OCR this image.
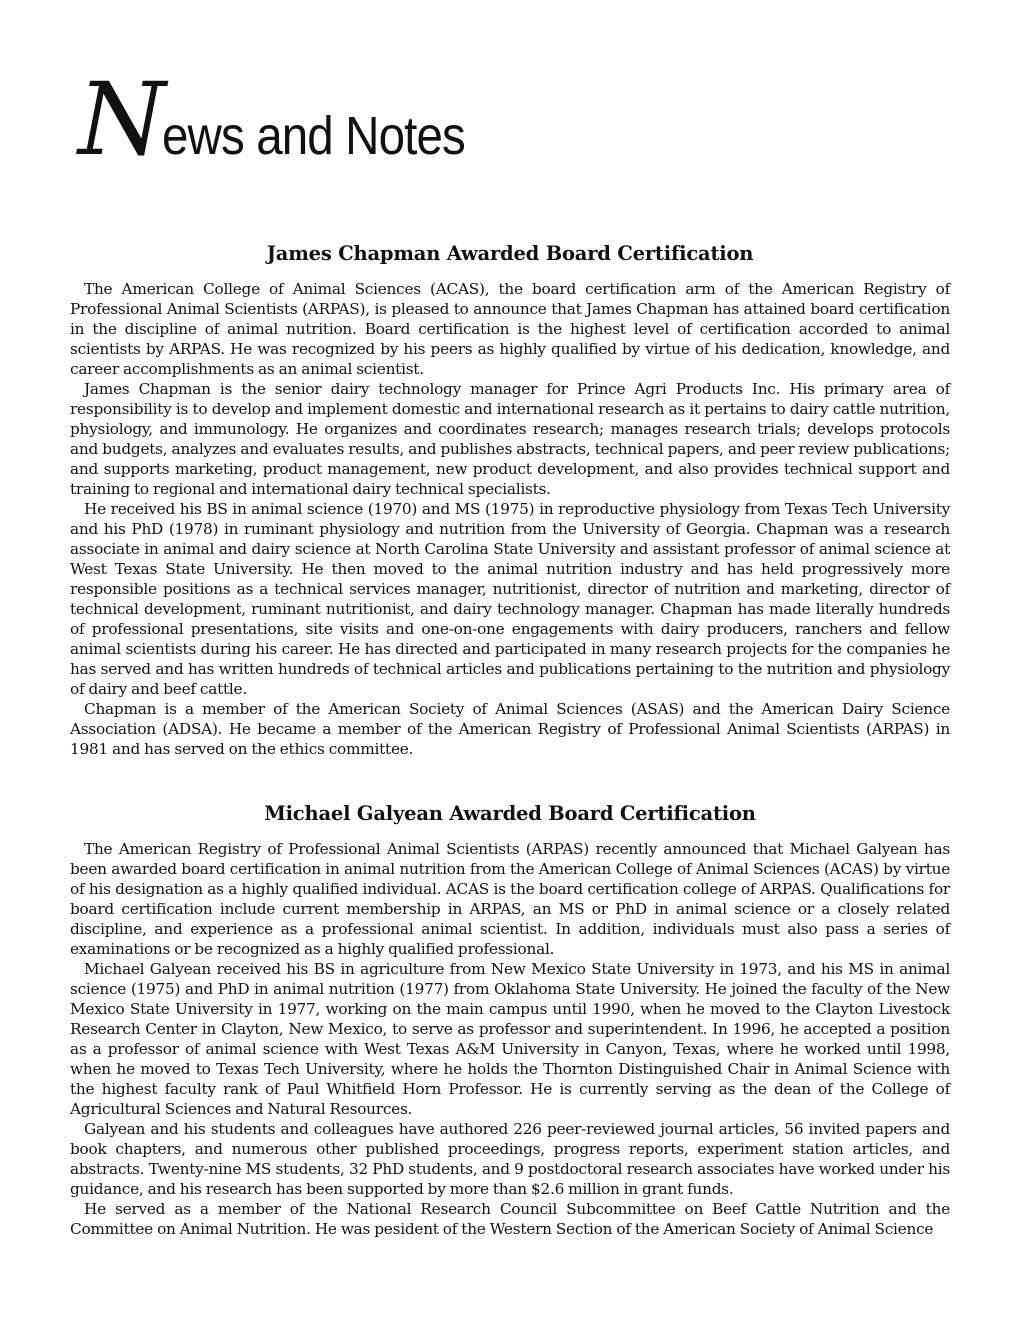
News and Notes
James Chapman Awarded Board Certification

The American College of Animal Sciences (ACAS), the board certification arm of the American Registry of Professional Animal Scientists (ARPAS), is pleased to announce that James Chapman has attained board certification in the discipline of animal nutrition. Board certification is the highest level of certification accorded to animal scientists by ARPAS. He was recognized by his peers as highly qualified by virtue of his dedication, knowledge, and career accomplishments as an animal scientist.

James Chapman is the senior dairy technology manager for Prince Agri Products Inc. His primary area of responsibility is to develop and implement domestic and international research as it pertains to dairy cattle nutrition, physiology, and immunology. He organizes and coordinates research; manages research trials; develops protocols and budgets, analyzes and evaluates results, and publishes abstracts, technical papers, and peer review publications; and supports marketing, product management, new product development, and also provides technical support and training to regional and international dairy technical specialists.

He received his BS in animal science (1970) and MS (1975) in reproductive physiology from Texas Tech University and his PhD (1978) in ruminant physiology and nutrition from the University of Georgia. Chapman was a research associate in animal and dairy science at North Carolina State University and assistant professor of animal science at West Texas State University. He then moved to the animal nutrition industry and has held progressively more responsible positions as a technical services manager, nutritionist, director of nutrition and marketing, director of technical development, ruminant nutritionist, and dairy technology manager. Chapman has made literally hundreds of professional presentations, site visits and one-on-one engagements with dairy producers, ranchers and fellow animal scientists during his career. He has directed and participated in many research projects for the companies he has served and has written hundreds of technical articles and publications pertaining to the nutrition and physiology of dairy and beef cattle.

Chapman is a member of the American Society of Animal Sciences (ASAS) and the American Dairy Science Association (ADSA). He became a member of the American Registry of Professional Animal Scientists (ARPAS) in 1981 and has served on the ethics committee.

Michael Galyean Awarded Board Certification

The American Registry of Professional Animal Scientists (ARPAS) recently announced that Michael Galyean has been awarded board certification in animal nutrition from the American College of Animal Sciences (ACAS) by virtue of his designation as a highly qualified individual. ACAS is the board certification college of ARPAS. Qualifications for board certification include current membership in ARPAS, an MS or PhD in animal science or a closely related discipline, and experience as a professional animal scientist. In addition, individuals must also pass a series of examinations or be recognized as a highly qualified professional.

Michael Galyean received his BS in agriculture from New Mexico State University in 1973, and his MS in animal science (1975) and PhD in animal nutrition (1977) from Oklahoma State University. He joined the faculty of the New Mexico State University in 1977, working on the main campus until 1990, when he moved to the Clayton Livestock Research Center in Clayton, New Mexico, to serve as professor and superintendent. In 1996, he accepted a position as a professor of animal science with West Texas A&M University in Canyon, Texas, where he worked until 1998, when he moved to Texas Tech University, where he holds the Thornton Distinguished Chair in Animal Science with the highest faculty rank of Paul Whitfield Horn Professor. He is currently serving as the dean of the College of Agricultural Sciences and Natural Resources.

Galyean and his students and colleagues have authored 226 peer-reviewed journal articles, 56 invited papers and book chapters, and numerous other published proceedings, progress reports, experiment station articles, and abstracts. Twenty-nine MS students, 32 PhD students, and 9 postdoctoral research associates have worked under his guidance, and his research has been supported by more than $2.6 million in grant funds.

He served as a member of the National Research Council Subcommittee on Beef Cattle Nutrition and the Committee on Animal Nutrition. He was pesident of the Western Section of the American Society of Animal Science
